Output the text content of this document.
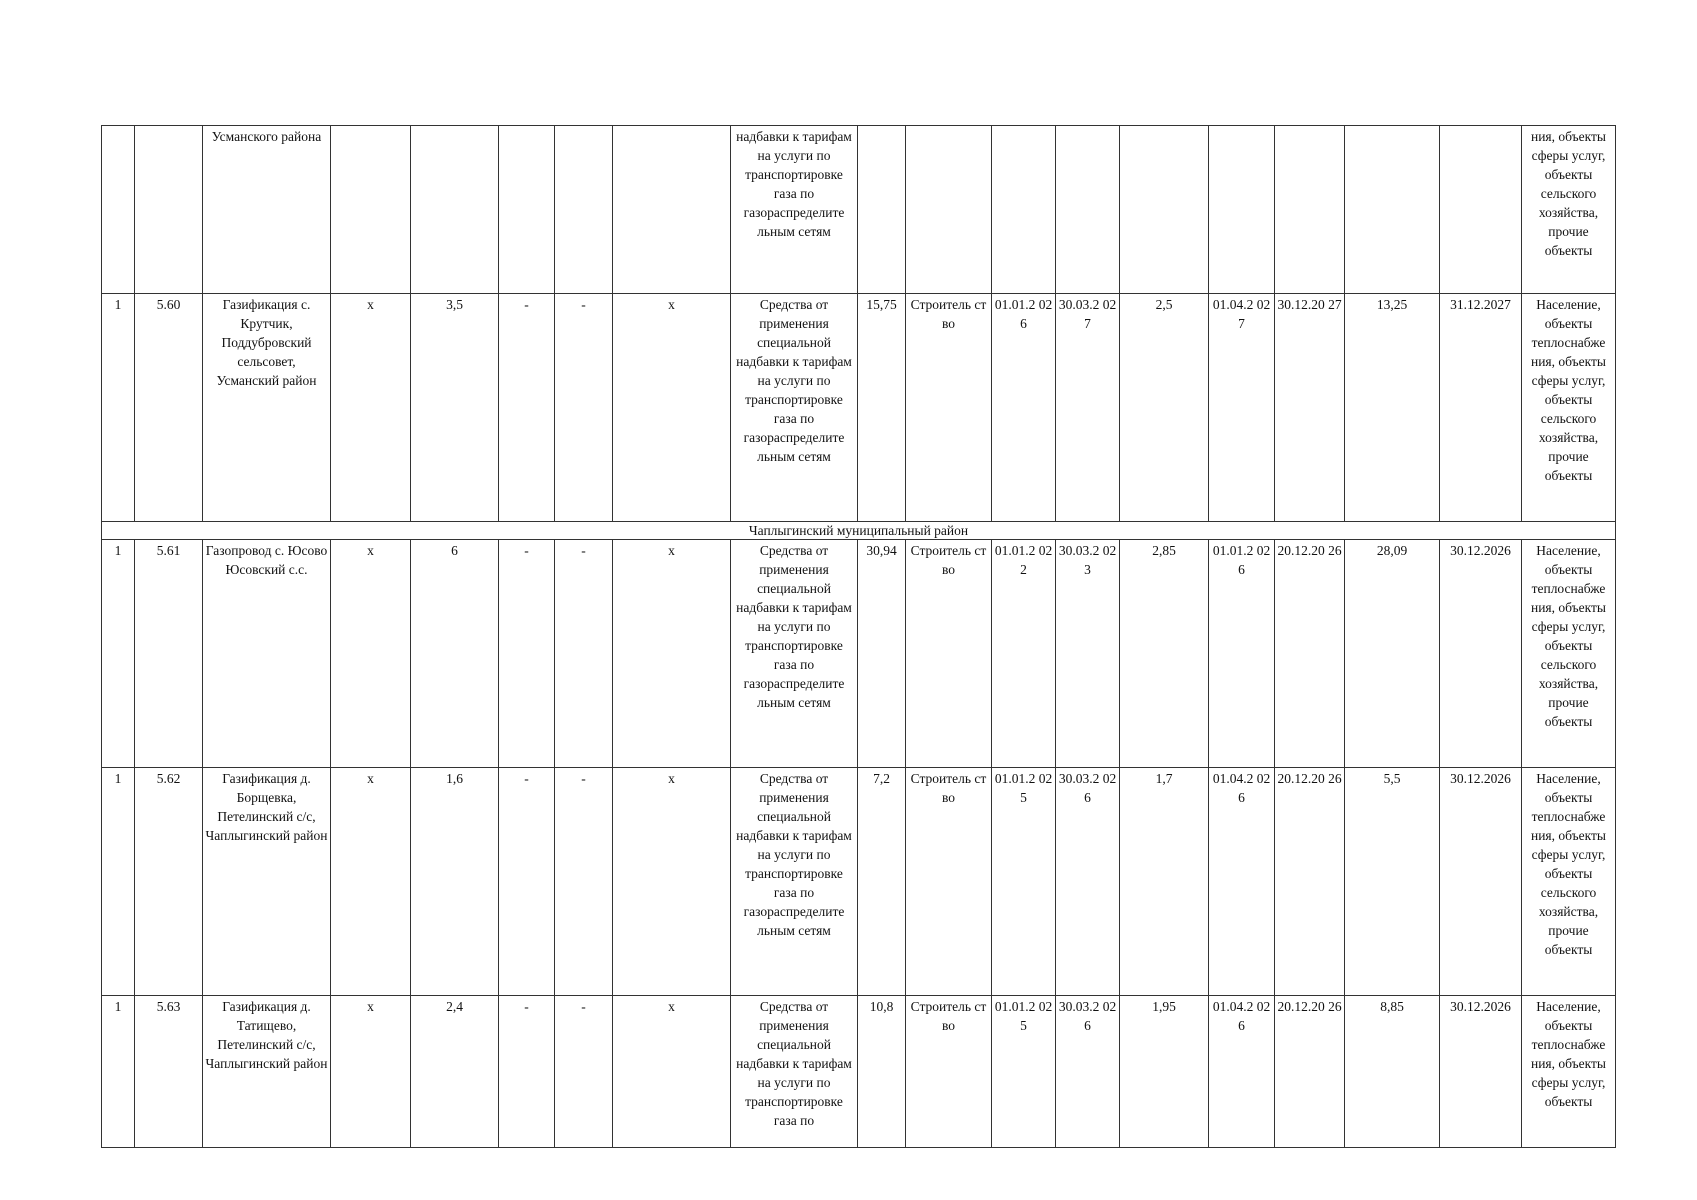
		Усманского района						надбавки к тарифам на услуги по транспортировке газа по газораспределите льным сетям										ния, объекты сферы услуг, объекты сельского хозяйства, прочие объекты
1	5.60	Газификация с. Крутчик, Поддубровский сельсовет, Усманский район	х	3,5	-	-	х	Средства от применения специальной надбавки к тарифам на услуги по транспортировке газа по газораспределите льным сетям	15,75	Строитель ство	01.01.2 026	30.03.2 027	2,5	01.04.2 027	30.12.20 27	13,25	31.12.2027	Население, объекты теплоснабже ния, объекты сферы услуг, объекты сельского хозяйства, прочие объекты
Чаплыгинский муниципальный район																		
1	5.61	Газопровод с. Юсово Юсовский с.с.	х	6	-	-	х	Средства от применения специальной надбавки к тарифам на услуги по транспортировке газа по газораспределите льным сетям	30,94	Строитель ство	01.01.2 022	30.03.2 023	2,85	01.01.2 026	20.12.20 26	28,09	30.12.2026	Население, объекты теплоснабже ния, объекты сферы услуг, объекты сельского хозяйства, прочие объекты
1	5.62	Газификация д. Борщевка, Петелинский с/с, Чаплыгинский район	х	1,6	-	-	х	Средства от применения специальной надбавки к тарифам на услуги по транспортировке газа по газораспределите льным сетям	7,2	Строитель ство	01.01.2 025	30.03.2 026	1,7	01.04.2 026	20.12.20 26	5,5	30.12.2026	Население, объекты теплоснабже ния, объекты сферы услуг, объекты сельского хозяйства, прочие объекты
1	5.63	Газификация д. Татищево, Петелинский с/с, Чаплыгинский район	х	2,4	-	-	х	Средства от применения специальной надбавки к тарифам на услуги по транспортировке газа по	10,8	Строитель ство	01.01.2 025	30.03.2 026	1,95	01.04.2 026	20.12.20 26	8,85	30.12.2026	Население, объекты теплоснабже ния, объекты сферы услуг, объекты
